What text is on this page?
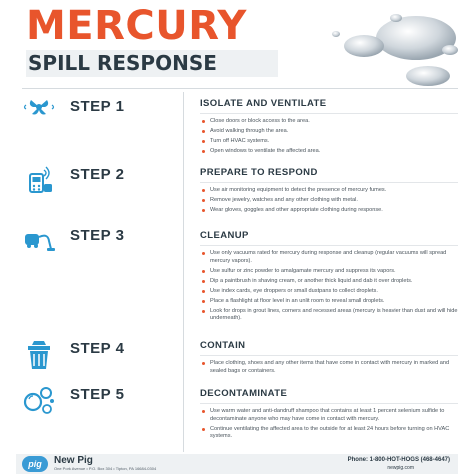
MERCURY
SPILL RESPONSE
STEP 1	ISOLATE AND VENTILATE
Close doors or block access to the area.
Avoid walking through the area.
Turn off HVAC systems.
Open windows to ventilate the affected area.
STEP 2	PREPARE TO RESPOND
Use air monitoring equipment to detect the presence of mercury fumes.
Remove jewelry, watches and any other clothing with metal.
Wear gloves, goggles and other appropriate clothing during response.
STEP 3	CLEANUP
Use only vacuums rated for mercury during response and cleanup (regular vacuums will spread mercury vapors).
Use sulfur or zinc powder to amalgamate mercury and suppress its vapors.
Dip a paintbrush in shaving cream, or another thick liquid and dab it over droplets.
Use index cards, eye droppers or small dustpans to collect droplets.
Place a flashlight at floor level in an unlit room to reveal small droplets.
Look for drops in grout lines, corners and recessed areas (mercury is heavier than dust and will hide underneath).
STEP 4	CONTAIN
Place clothing, shoes and any other items that have come in contact with mercury in marked and sealed bags or containers.
STEP 5	DECONTAMINATE
Use warm water and anti-dandruff shampoo that contains at least 1 percent selenium sulfide to decontaminate anyone who may have come in contact with mercury.
Continue ventilating the affected area to the outside for at least 24 hours before turning on HVAC systems.
pig	New Pig
One Pork Avenue • P.O. Box 304 • Tipton, PA 16684-0304
Phone: 1-800-HOT-HOGS (468-4647)
newpig.com
